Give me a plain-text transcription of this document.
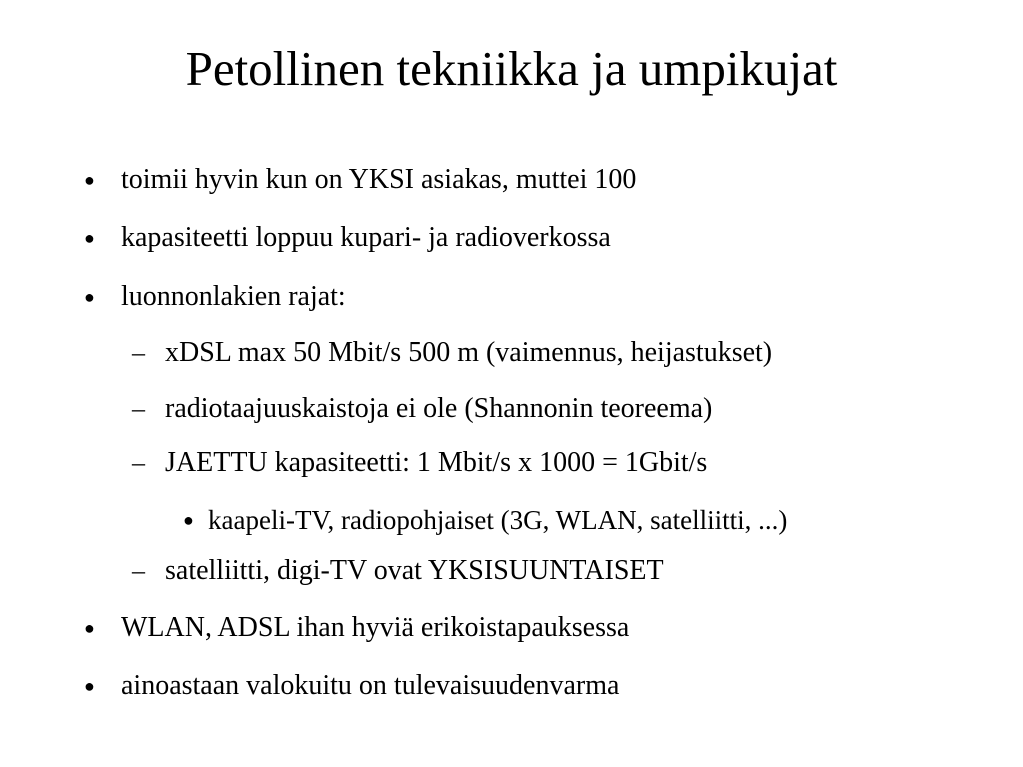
Petollinen tekniikka ja umpikujat
● toimii hyvin kun on YKSI asiakas, muttei 100
● kapasiteetti loppuu kupari- ja radioverkossa
● luonnonlakien rajat:
– xDSL max 50 Mbit/s 500 m (vaimennus, heijastukset)
– radiotaajuuskaistoja ei ole (Shannonin teoreema)
– JAETTU kapasiteetti: 1 Mbit/s x 1000 = 1Gbit/s
● kaapeli-TV, radiopohjaiset (3G, WLAN, satelliitti, ...)
– satelliitti, digi-TV ovat YKSISUUNTAISET
● WLAN, ADSL ihan hyviä erikoistapauksessa
● ainoastaan valokuitu on tulevaisuudenvarma
